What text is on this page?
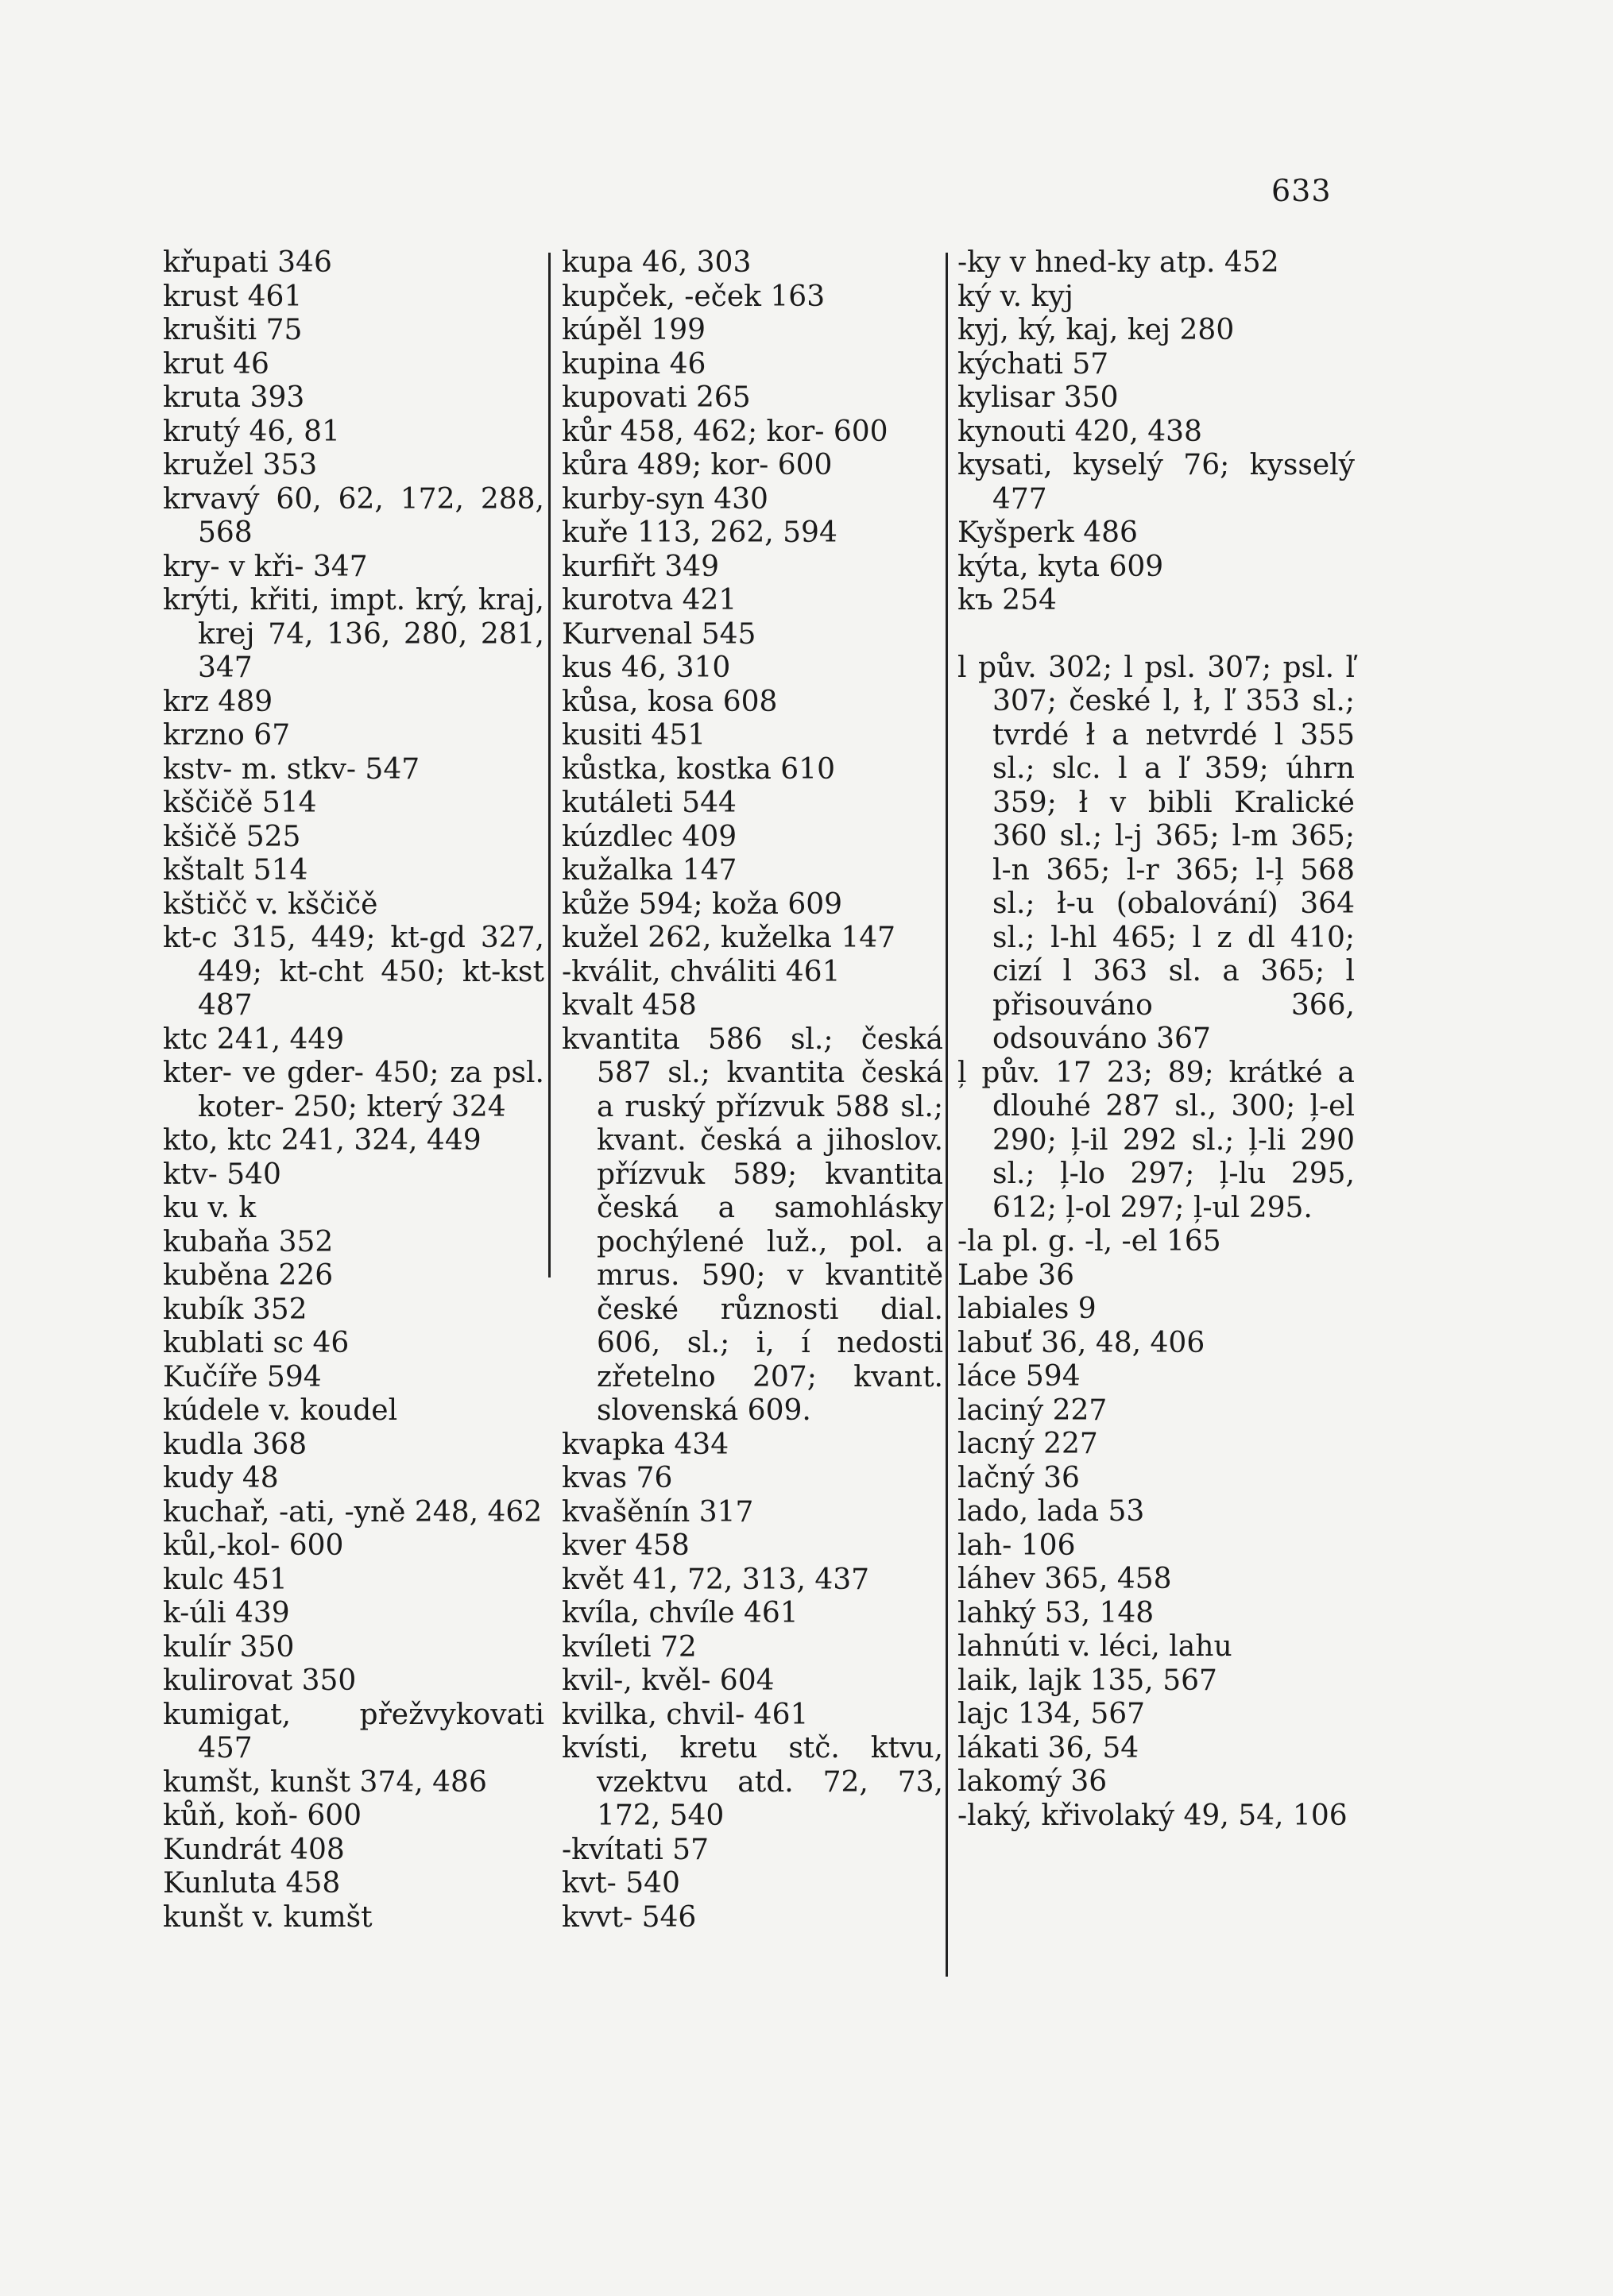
633
křupati 346
krust 461
krušiti 75
krut 46
kruta 393
krutý 46, 81
kružel 353
krvavý 60, 62, 172, 288, 568
kry- v kři- 347
krýti, křiti, impt. krý, kraj, krej 74, 136, 280, 281, 347
krz 489
krzno 67
kstv- m. stkv- 547
kščičě 514
kšičě 525
kštalt 514
kštičč v. kščičě
kt-c 315, 449; kt-gd 327, 449; kt-cht 450; kt-kst 487
ktc 241, 449
kter- ve gder- 450; za psl. koter- 250; který 324
kto, ktc 241, 324, 449
ktv- 540
ku v. k
kubaňa 352
kuběna 226
kubík 352
kublati sc 46
Kučíře 594
kúdele v. koudel
kudla 368
kudy 48
kuchař, -ati, -yně 248, 462
kůl,-kol- 600
kulc 451
k-úli 439
kulír 350
kulirovat 350
kumigat, přežvykovati 457
kumšt, kunšt 374, 486
kůň, koň- 600
Kundrát 408
Kunluta 458
kunšt v. kumšt
kupa 46, 303
kupček, -eček 163
kúpěl 199
kupina 46
kupovati 265
kůr 458, 462; kor- 600
kůra 489; kor- 600
kurby-syn 430
kuře 113, 262, 594
kurfiřt 349
kurotva 421
Kurvenal 545
kus 46, 310
kůsa, kosa 608
kusiti 451
kůstka, kostka 610
kutáleti 544
kúzdlec 409
kužalka 147
kůže 594; koža 609
kužel 262, kuželka 147
-kválit, chváliti 461
kvalt 458
kvantita 586 sl.; česká 587 sl.; kvantita česká a ruský přízvuk 588 sl.; kvant. česká a jihoslov. přízvuk 589; kvantita česká a samohlásky pochýlené luž., pol. a mrus. 590; v kvantitě české různosti dial. 606, sl.; i, í nedosti zřetelno 207; kvant. slovenská 609.
kvapka 434
kvas 76
kvašěnín 317
kver 458
květ 41, 72, 313, 437
kvíla, chvíle 461
kvíleti 72
kvil-, kvěl- 604
kvilka, chvil- 461
kvísti, kretu stč. ktvu, vzektvu atd. 72, 73, 172, 540
-kvítati 57
kvt- 540
kvvt- 546
-ky v hned-ky atp. 452
ký v. kyj
kyj, ký, kaj, kej 280
kýchati 57
kylisar 350
kynouti 420, 438
kysati, kyselý 76; kysselý 477
Kyšperk 486
kýta, kyta 609
kъ 254
l pův. 302; l psl. 307; psl. ľ 307; české l, ł, ľ 353 sl.; tvrdé ł a netvrdé l 355 sl.; slc. l a ľ 359; úhrn 359; ł v bibli Kralické 360 sl.; l-j 365; l-m 365; l-n 365; l-r 365; l-ļ 568 sl.; ł-u (obalování) 364 sl.; l-hl 465; l z dl 410; cizí l 363 sl. a 365; l přisouváno 366, odsouváno 367
ļ pův. 17 23; 89; krátké a dlouhé 287 sl., 300; ļ-el 290; ļ-il 292 sl.; ļ-li 290 sl.; ļ-lo 297; ļ-lu 295, 612; ļ-ol 297; ļ-ul 295.
-la pl. g. -l, -el 165
Labe 36
labiales 9
labuť 36, 48, 406
láce 594
laciný 227
lacný 227
lačný 36
lado, lada 53
lah- 106
láhev 365, 458
lahký 53, 148
lahnúti v. léci, lahu
laik, lajk 135, 567
lajc 134, 567
lákati 36, 54
lakomý 36
-laký, křivolaký 49, 54, 106
